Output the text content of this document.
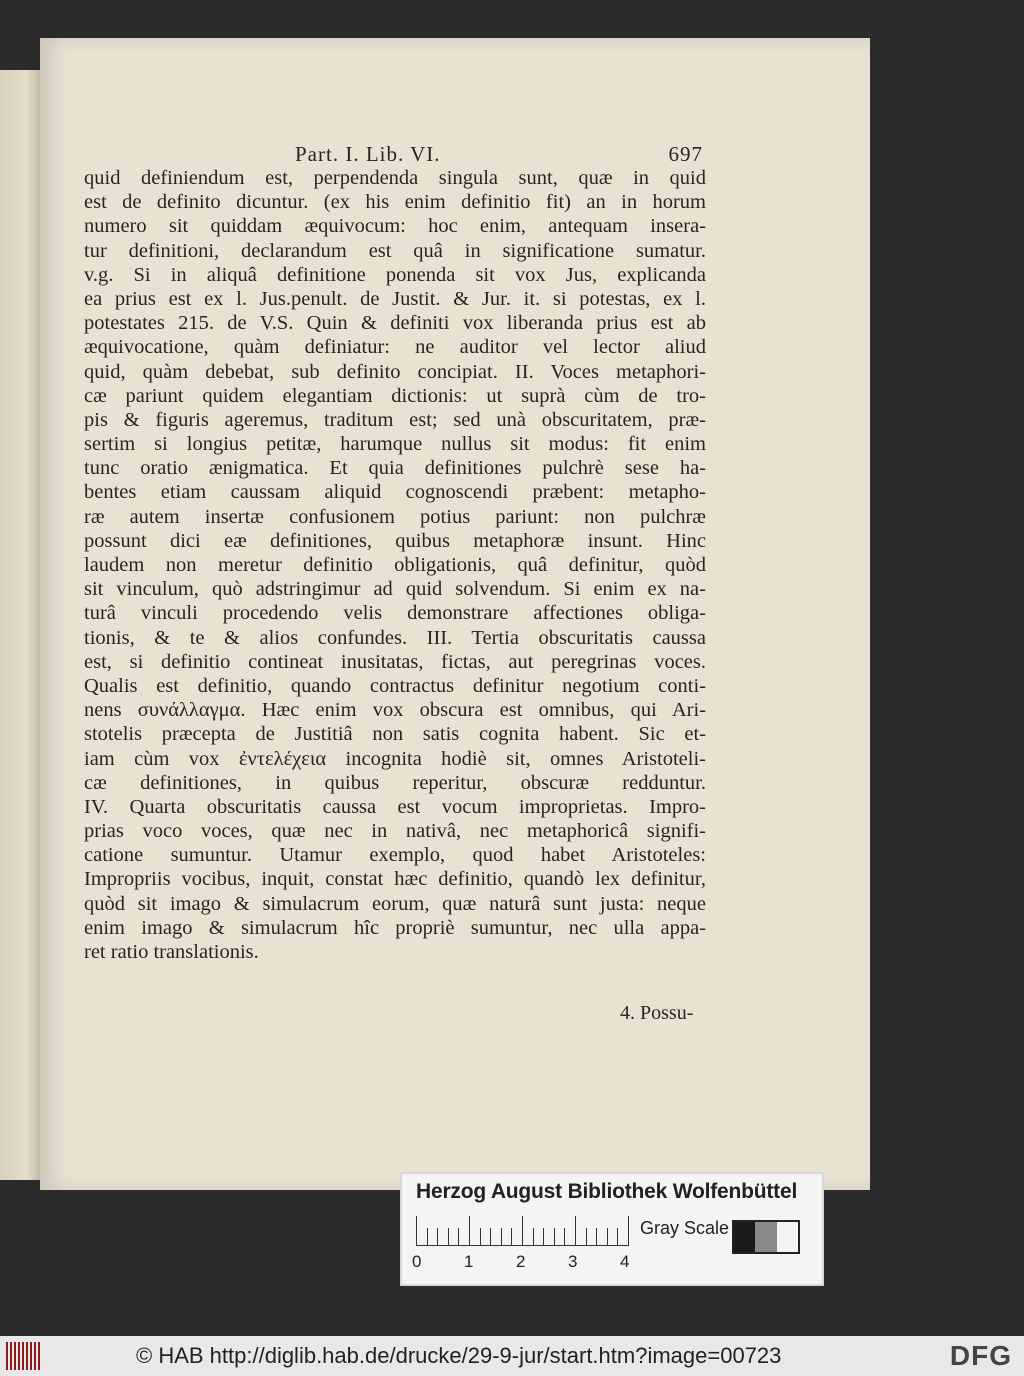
Part. I. Lib. VI.	697
quid definiendum est, perpendenda singula sunt, quæ in quid
est de definito dicuntur. (ex his enim definitio fit) an in horum
numero sit quiddam æquivocum: hoc enim, antequam insera-
tur definitioni, declarandum est quâ in significatione sumatur.
v.g. Si in aliquâ definitione ponenda sit vox Jus, explicanda
ea prius est ex l. Jus.penult. de Justit. & Jur. it. si potestas, ex l.
potestates 215. de V.S. Quin & definiti vox liberanda prius est ab
æquivocatione, quàm definiatur: ne auditor vel lector aliud
quid, quàm debebat, sub definito concipiat. II. Voces metaphori-
cæ pariunt quidem elegantiam dictionis: ut suprà cùm de tro-
pis & figuris ageremus, traditum est; sed unà obscuritatem, præ-
sertim si longius petitæ, harumque nullus sit modus: fit enim
tunc oratio ænigmatica. Et quia definitiones pulchrè sese ha-
bentes etiam caussam aliquid cognoscendi præbent: metapho-
ræ autem insertæ confusionem potius pariunt: non pulchræ
possunt dici eæ definitiones, quibus metaphoræ insunt. Hinc
laudem non meretur definitio obligationis, quâ definitur, quòd
sit vinculum, quò adstringimur ad quid solvendum. Si enim ex na-
turâ vinculi procedendo velis demonstrare affectiones obliga-
tionis, & te & alios confundes. III. Tertia obscuritatis caussa
est, si definitio contineat inusitatas, fictas, aut peregrinas voces.
Qualis est definitio, quando contractus definitur negotium conti-
nens συνάλλαγμα. Hæc enim vox obscura est omnibus, qui Ari-
stotelis præcepta de Justitiâ non satis cognita habent. Sic et-
iam cùm vox ἐντελέχεια incognita hodiè sit, omnes Aristoteli-
cæ definitiones, in quibus reperitur, obscuræ redduntur.
IV. Quarta obscuritatis caussa est vocum improprietas. Impro-
prias voco voces, quæ nec in nativâ, nec metaphoricâ signifi-
catione sumuntur. Utamur exemplo, quod habet Aristoteles:
Impropriis vocibus, inquit, constat hæc definitio, quandò lex definitur,
quòd sit imago & simulacrum eorum, quæ naturâ sunt justa: neque
enim imago & simulacrum hîc propriè sumuntur, nec ulla appa-
ret ratio translationis.
4. Possu-
Herzog August Bibliothek Wolfenbüttel
0	1	2	3	4
Gray Scale
© HAB http://diglib.hab.de/drucke/29-9-jur/start.htm?image=00723	DFG
